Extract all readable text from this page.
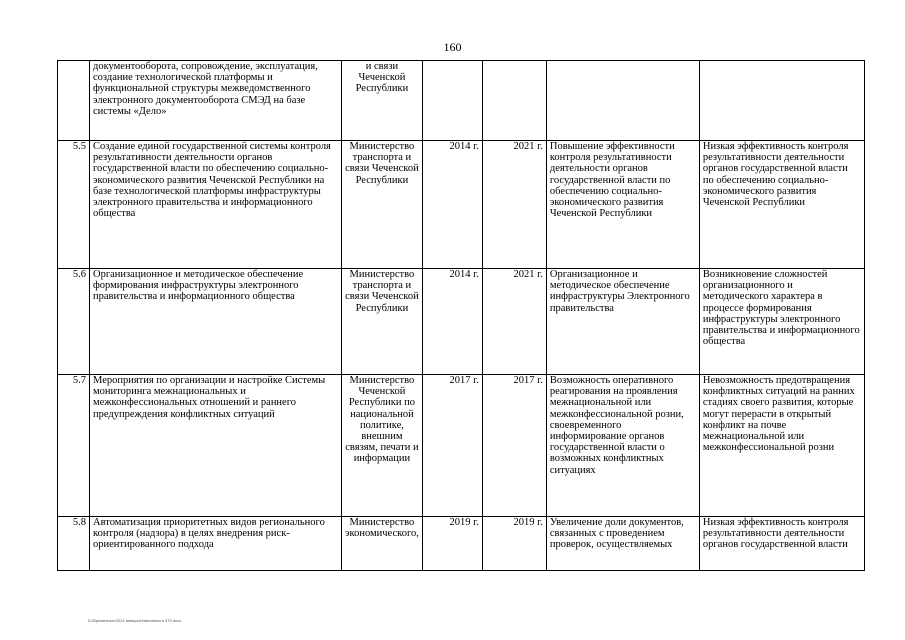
160
	документооборота, сопровождение, эксплуатация, создание технологической платформы и функциональной структуры межведомственного электронного документооборота СМЭД на базе системы «Дело»	и связи Чеченской Республики				
5.5	Создание единой государственной системы контроля результативности деятельности органов государственной власти по обеспечению социально-экономического развития Чеченской Республики на базе технологической платформы инфраструктуры электронного правительства и информационного общества	Министерство транспорта и связи Чеченской Республики	2014 г.	2021 г.	Повышение эффективности контроля результативности деятельности органов государственной власти по обеспечению социально-экономического развития Чеченской Республики	Низкая эффективность контроля результативности деятельности органов государственной власти по обеспечению социально-экономического развития Чеченской Республики
5.6	Организационное и методическое обеспечение формирования инфраструктуры электронного правительства и информационного общества	Министерство транспорта и связи Чеченской Республики	2014 г.	2021 г.	Организационное и методическое обеспечение инфраструктуры Электронного правительства	Возникновение сложностей организационного и методического характера в процессе формирования инфраструктуры электронного правительства и информационного общества
5.7	Мероприятия по организации и настройке Системы мониторинга межнациональных и межконфессиональных отношений и раннего предупреждения конфликтных ситуаций	Министерство Чеченской Республики по национальной политике, внешним связям, печати и информации	2017 г.	2017 г.	Возможность оперативного реагирования на проявления межнациональной или межконфессиональной розни, своевременного информирование органов государственной власти о возможных конфликтных ситуациях	Невозможность предотвращения конфликтных ситуаций на ранних стадиях своего развития, которые могут перерасти в открытый конфликт на почве межнациональной или межконфессиональной розни
5.8	Автоматизация приоритетных видов регионального контроля (надзора) в целях внедрения риск-ориентированного подхода	Министерство экономического,	2019 г.	2019 г.	Увеличение доли документов, связанных с проведением проверок, осуществляемых	Низкая эффективность контроля результативности деятельности органов государственной власти
D:\Временные\2021 январь\Изменения в 370.docx
